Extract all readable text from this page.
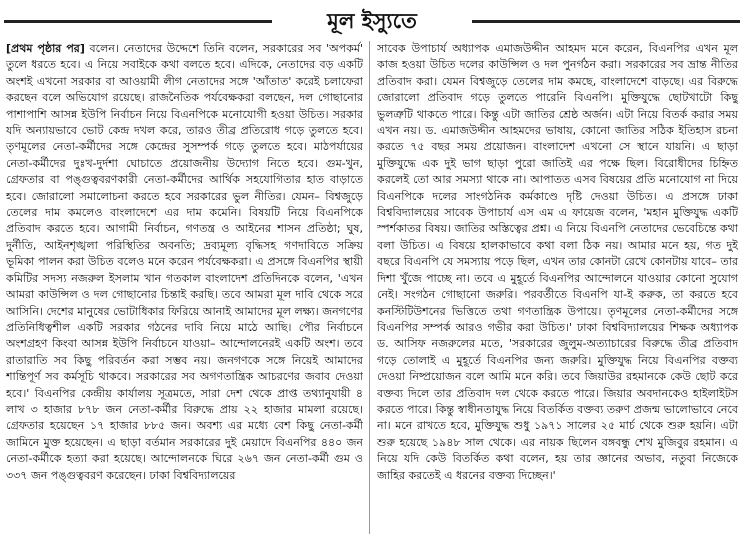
মূল ইস্যুতে

[প্রথম পৃষ্ঠার পর] বলেন। নেতাদের উদ্দেশে তিনি বলেন, সরকারের সব 'অপকর্ম' তুলে ধরতে হবে। এ নিয়ে সবাইকে কথা বলতে হবে। এদিকে, নেতাদের বড় একটি অংশই এখনো সরকার বা আওয়ামী লীগ নেতাদের সঙ্গে 'আঁতাত' করেই চলাফেরা করছেন বলে অভিযোগ রয়েছে। রাজনৈতিক পর্যবেক্ষকরা বলছেন, দল গোছানোর পাশাপাশি আসন্ন ইউপি নির্বাচন নিয়ে বিএনপিকে মনোযোগী হওয়া উচিত। সরকার যদি অন্যায়ভাবে ভোট কেন্দ্র দখল করে, তারও তীব্র প্রতিরোধ গড়ে তুলতে হবে। তৃণমূলের নেতা-কর্মীদের সঙ্গে কেন্দ্রের সুসম্পর্ক গড়ে তুলতে হবে। মাঠপর্যায়ের নেতা-কর্মীদের দুঃখ-দুর্দশা ঘোচাতে প্রয়োজনীয় উদ্যোগ নিতে হবে। গুম-খুন, গ্রেফতার বা পঙ্গুত্ববরণকারী নেতা-কর্মীদের আর্থিক সহযোগিতার হাত বাড়াতে হবে। জোরালো সমালোচনা করতে হবে সরকারের ভুল নীতির। যেমন– বিশ্বজুড়ে তেলের দাম কমলেও বাংলাদেশে এর দাম কমেনি। বিষয়টি নিয়ে বিএনপিকে প্রতিবাদ করতে হবে। আগামী নির্বাচন, গণতন্ত্র ও আইনের শাসন প্রতিষ্ঠা; ঘুষ, দুর্নীতি, আইনশৃঙ্খলা পরিস্থিতির অবনতি; দ্রব্যমূল্য বৃদ্ধিসহ গণদাবিতে সক্রিয় ভূমিকা পালন করা উচিত বলেও মনে করেন পর্যবেক্ষকরা। এ প্রসঙ্গে বিএনপির স্থায়ী কমিটির সদস্য নজরুল ইসলাম খান গতকাল বাংলাদেশ প্রতিদিনকে বলেন, 'এখন আমরা কাউন্সিল ও দল গোছানোর চিন্তাই করছি। তবে আমরা মূল দাবি থেকে সরে আসিনি। দেশের মানুষের ভোটাধিকার ফিরিয়ে আনাই আমাদের মূল লক্ষ্য। জনগণের প্রতিনিধিত্বশীল একটি সরকার গঠনের দাবি নিয়ে মাঠে আছি। পৌর নির্বাচনে অংশগ্রহণ কিংবা আসন্ন ইউপি নির্বাচনে যাওয়া– আন্দোলনেরই একটি অংশ। তবে রাতারাতি সব কিছু পরিবর্তন করা সম্ভব নয়। জনগণকে সঙ্গে নিয়েই আমাদের শান্তিপূর্ণ সব কর্মসূচি থাকবে। সরকারের সব অগণতান্ত্রিক আচরণের জবাব দেওয়া হবে।' বিএনপির কেন্দ্রীয় কার্যালয় সূত্রমতে, সারা দেশ থেকে প্রাপ্ত তথ্যানুযায়ী ৪ লাখ ৩ হাজার ৮৭৮ জন নেতা-কর্মীর বিরুদ্ধে প্রায় ২২ হাজার মামলা রয়েছে। গ্রেফতার হয়েছেন ১৭ হাজার ৮৮৫ জন। অবশ্য এর মধ্যে বেশ কিছু নেতা-কর্মী জামিনে মুক্ত হয়েছেন। এ ছাড়া বর্তমান সরকারের দুই মেয়াদে বিএনপির ৪৪০ জন নেতা-কর্মীকে হত্যা করা হয়েছে। আন্দোলনকে ঘিরে ২৬৭ জন নেতা-কর্মী গুম ও ৩৩৭ জন পঙ্গুত্ববরণ করেছেন। ঢাকা বিশ্ববিদ্যালয়ের

সাবেক উপাচার্য অধ্যাপক এমাজউদ্দীন আহমদ মনে করেন, বিএনপির এখন মূল কাজ হওয়া উচিত দলের কাউন্সিল ও দল পুনর্গঠন করা। সরকারের সব ভ্রান্ত নীতির প্রতিবাদ করা। যেমন বিশ্বজুড়ে তেলের দাম কমছে, বাংলাদেশে বাড়ছে। এর বিরুদ্ধে জোরালো প্রতিবাদ গড়ে তুলতে পারেনি বিএনপি। মুক্তিযুদ্ধে ছোটখাটো কিছু ভুলত্রুটি থাকতে পারে। কিন্তু এটা জাতির শ্রেষ্ঠ অর্জন। এটা নিয়ে বিতর্ক করার সময় এখন নয়। ড. এমাজউদ্দীন আহমদের ভাষায়, কোনো জাতির সঠিক ইতিহাস রচনা করতে ৭৫ বছর সময় প্রয়োজন। বাংলাদেশ এখনো সে স্থানে যায়নি। এ ছাড়া মুক্তিযুদ্ধে এক দুই ভাগ ছাড়া পুরো জাতিই এর পক্ষে ছিল। বিরোধীদের চিহ্নিত করলেই তো আর সমস্যা থাকে না। আপাতত এসব বিষয়ের প্রতি মনোযোগ না দিয়ে বিএনপিকে দলের সাংগঠনিক কর্মকাণ্ডে দৃষ্টি দেওয়া উচিত। এ প্রসঙ্গে ঢাকা বিশ্ববিদ্যালয়ের সাবেক উপাচার্য এস এম এ ফায়েজ বলেন, 'মহান মুক্তিযুদ্ধ একটি স্পর্শকাতর বিষয়। জাতির অস্তিত্বের প্রশ্ন। এ নিয়ে বিএনপি নেতাদের ভেবেচিন্তে কথা বলা উচিত। এ বিষয়ে হালকাভাবে কথা বলা ঠিক নয়। আমার মনে হয়, গত দুই বছরে বিএনপি যে সমস্যায় পড়ে ছিল, এখন তার কোনটা রেখে কোনটায় যাবে– তার দিশা খুঁজে পাচ্ছে না। তবে এ মুহূর্তে বিএনপির আন্দোলনে যাওয়ার কোনো সুযোগ নেই। সংগঠন গোছানো জরুরি। পরবর্তীতে বিএনপি যা-ই করুক, তা করতে হবে কনস্টিটিউশনের ভিত্তিতে তথা গণতান্ত্রিক উপায়ে। তৃণমূলের নেতা-কর্মীদের সঙ্গে বিএনপির সম্পর্ক আরও গভীর করা উচিত।' ঢাকা বিশ্ববিদ্যালয়ের শিক্ষক অধ্যাপক ড. আসিফ নজরুলের মতে, 'সরকারের জুলুম-অত্যাচারের বিরুদ্ধে তীব্র প্রতিবাদ গড়ে তোলাই এ মুহূর্তে বিএনপির জন্য জরুরি। মুক্তিযুদ্ধ নিয়ে বিএনপির বক্তব্য দেওয়া নিষ্প্রয়োজন বলে আমি মনে করি। তবে জিয়াউর রহমানকে কেউ ছোট করে বক্তব্য দিলে তার প্রতিবাদ দল থেকে করতে পারে। জিয়ার অবদানকেও হাইলাইটস করতে পারে। কিন্তু স্বাধীনতাযুদ্ধ নিয়ে বিতর্কিত বক্তব্য তরুণ প্রজন্ম ভালোভাবে নেবে না। মনে রাখতে হবে, মুক্তিযুদ্ধ শুধু ১৯৭১ সালের ২৫ মার্চ থেকে শুরু হয়নি। এটা শুরু হয়েছে ১৯৪৮ সাল থেকে। এর নায়ক ছিলেন বঙ্গবন্ধু শেখ মুজিবুর রহমান। এ নিয়ে যদি কেউ বিতর্কিত কথা বলেন, হয় তার জ্ঞানের অভাব, নতুবা নিজেকে জাহির করতেই এ ধরনের বক্তব্য দিচ্ছেন।'
